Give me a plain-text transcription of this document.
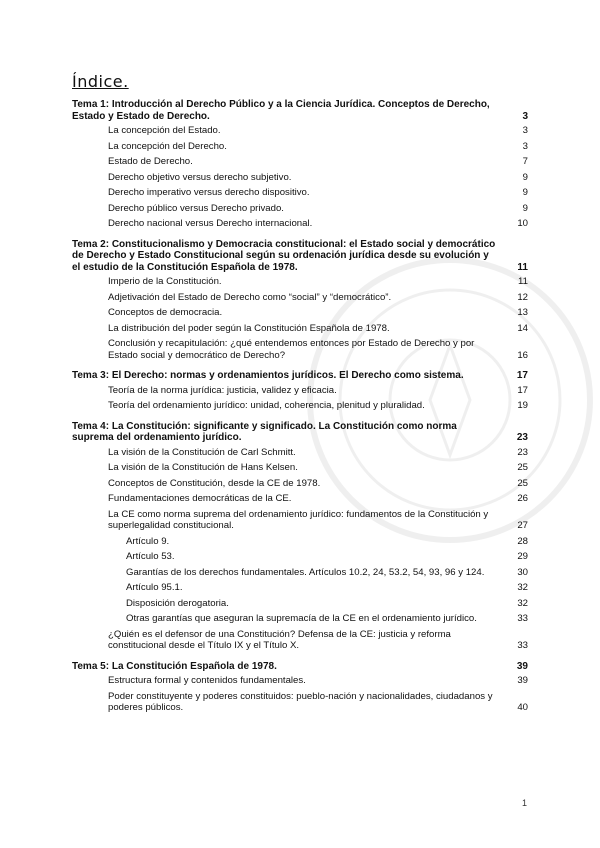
Índice.
Tema 1: Introducción al Derecho Público y a la Ciencia Jurídica. Conceptos de Derecho, Estado y Estado de Derecho.	3
La concepción del Estado.	3
La concepción del Derecho.	3
Estado de Derecho.	7
Derecho objetivo versus derecho subjetivo.	9
Derecho imperativo versus derecho dispositivo.	9
Derecho público versus Derecho privado.	9
Derecho nacional versus Derecho internacional.	10
Tema 2: Constitucionalismo y Democracia constitucional: el Estado social y democrático de Derecho y Estado Constitucional según su ordenación jurídica desde su evolución y el estudio de la Constitución Española de 1978.	11
Imperio de la Constitución.	11
Adjetivación del Estado de Derecho como “social” y “democrático”.	12
Conceptos de democracia.	13
La distribución del poder según la Constitución Española de 1978.	14
Conclusión y recapitulación: ¿qué entendemos entonces por Estado de Derecho y por Estado social y democrático de Derecho?	16
Tema 3: El Derecho: normas y ordenamientos jurídicos. El Derecho como sistema.	17
Teoría de la norma jurídica: justicia, validez y eficacia.	17
Teoría del ordenamiento jurídico: unidad, coherencia, plenitud y pluralidad.	19
Tema 4: La Constitución: significante y significado. La Constitución como norma suprema del ordenamiento jurídico.	23
La visión de la Constitución de Carl Schmitt.	23
La visión de la Constitución de Hans Kelsen.	25
Conceptos de Constitución, desde la CE de 1978.	25
Fundamentaciones democráticas de la CE.	26
La CE como norma suprema del ordenamiento jurídico: fundamentos de la Constitución y superlegalidad constitucional.	27
Artículo 9.	28
Artículo 53.	29
Garantías de los derechos fundamentales. Artículos 10.2, 24, 53.2, 54, 93, 96 y 124.	30
Artículo 95.1.	32
Disposición derogatoria.	32
Otras garantías que aseguran la supremacía de la CE en el ordenamiento jurídico.	33
¿Quién es el defensor de una Constitución? Defensa de la CE: justicia y reforma constitucional desde el Título IX y el Título X.	33
Tema 5: La Constitución Española de 1978.	39
Estructura formal y contenidos fundamentales.	39
Poder constituyente y poderes constituidos: pueblo-nación y nacionalidades, ciudadanos y poderes públicos.	40
1
